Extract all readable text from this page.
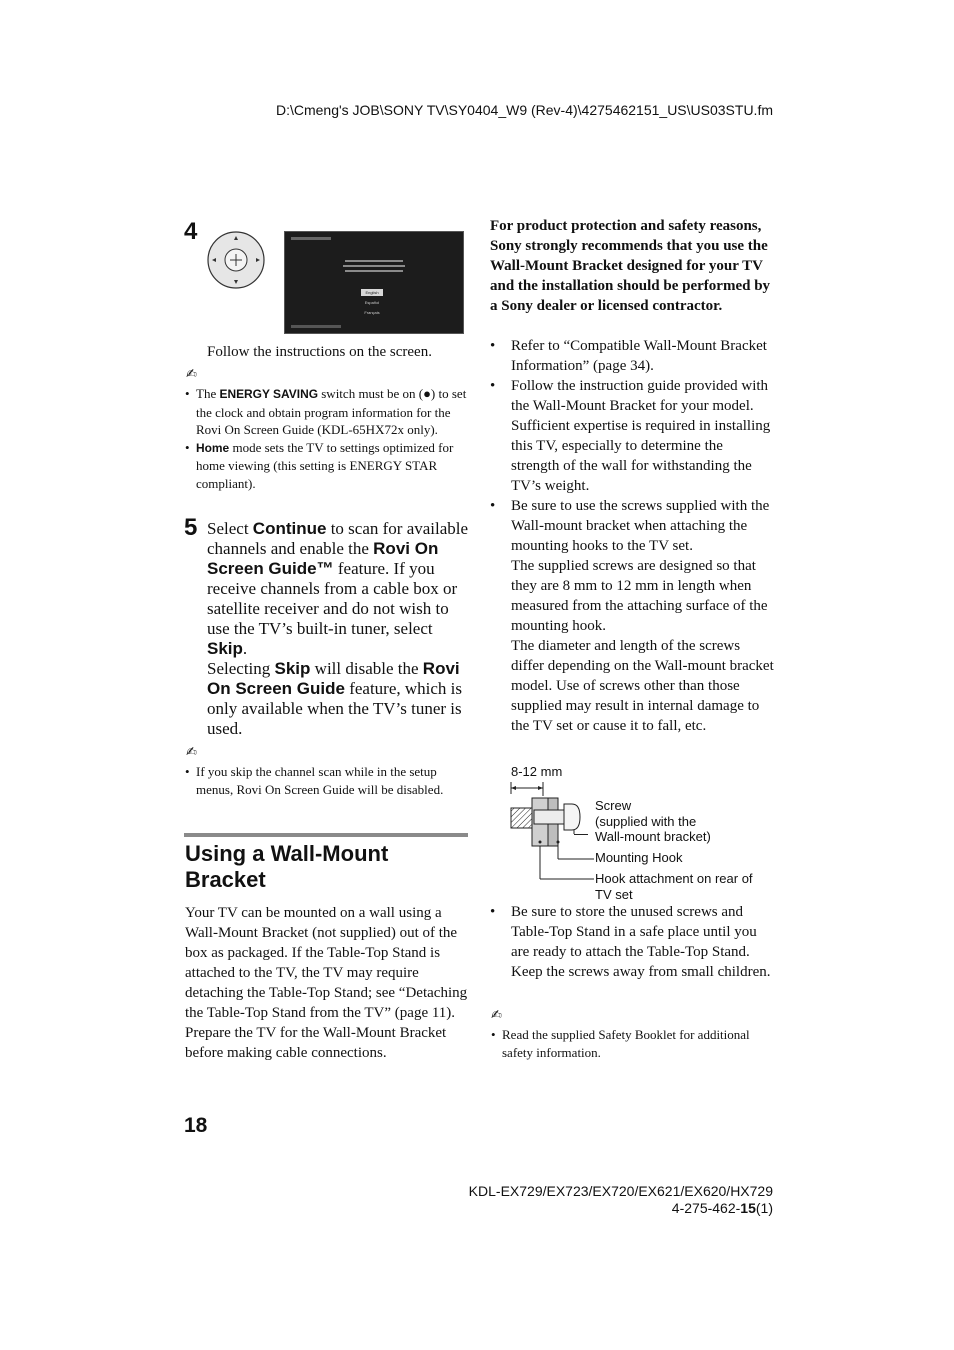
D:\Cmeng's JOB\SONY TV\SY0404_W9 (Rev-4)\4275462151_US\US03STU.fm
4
English
Español
Français
Follow the instructions on the screen.
✍
• The ENERGY SAVING switch must be on (●) to set the clock and obtain program information for the Rovi On Screen Guide (KDL-65HX72x only).
• Home mode sets the TV to settings optimized for home viewing (this setting is ENERGY STAR compliant).
5 Select Continue to scan for available channels and enable the Rovi On Screen Guide™ feature. If you receive channels from a cable box or satellite receiver and do not wish to use the TV’s built-in tuner, select Skip.

Selecting Skip will disable the Rovi On Screen Guide feature, which is only available when the TV’s tuner is used.

✍
• If you skip the channel scan while in the setup menus, Rovi On Screen Guide will be disabled.
Using a Wall-Mount Bracket

Your TV can be mounted on a wall using a Wall-Mount Bracket (not supplied) out of the box as packaged. If the Table-Top Stand is attached to the TV, the TV may require detaching the Table-Top Stand; see “Detaching the Table-Top Stand from the TV” (page 11).

Prepare the TV for the Wall-Mount Bracket before making cable connections.

For product protection and safety reasons, Sony strongly recommends that you use the Wall-Mount Bracket designed for your TV and the installation should be performed by a Sony dealer or licensed contractor.
• Refer to “Compatible Wall-Mount Bracket Information” (page 34).
• Follow the instruction guide provided with the Wall-Mount Bracket for your model. Sufficient expertise is required in installing this TV, especially to determine the strength of the wall for withstanding the TV’s weight.

• Be sure to use the screws supplied with the Wall-mount bracket when attaching the mounting hooks to the TV set.

The supplied screws are designed so that they are 8 mm to 12 mm in length when measured from the attaching surface of the mounting hook.

The diameter and length of the screws differ depending on the Wall-mount bracket model. Use of screws other than those supplied may result in internal damage to the TV set or cause it to fall, etc.

8-12 mm
Screw
(supplied with the
Wall-mount bracket)
Mounting Hook
Hook attachment on rear of
TV set
• Be sure to store the unused screws and Table-Top Stand in a safe place until you are ready to attach the Table-Top Stand. Keep the screws away from small children.
✍
• Read the supplied Safety Booklet for additional safety information.
18
KDL-EX729/EX723/EX720/EX621/EX620/HX729
4-275-462-15(1)
